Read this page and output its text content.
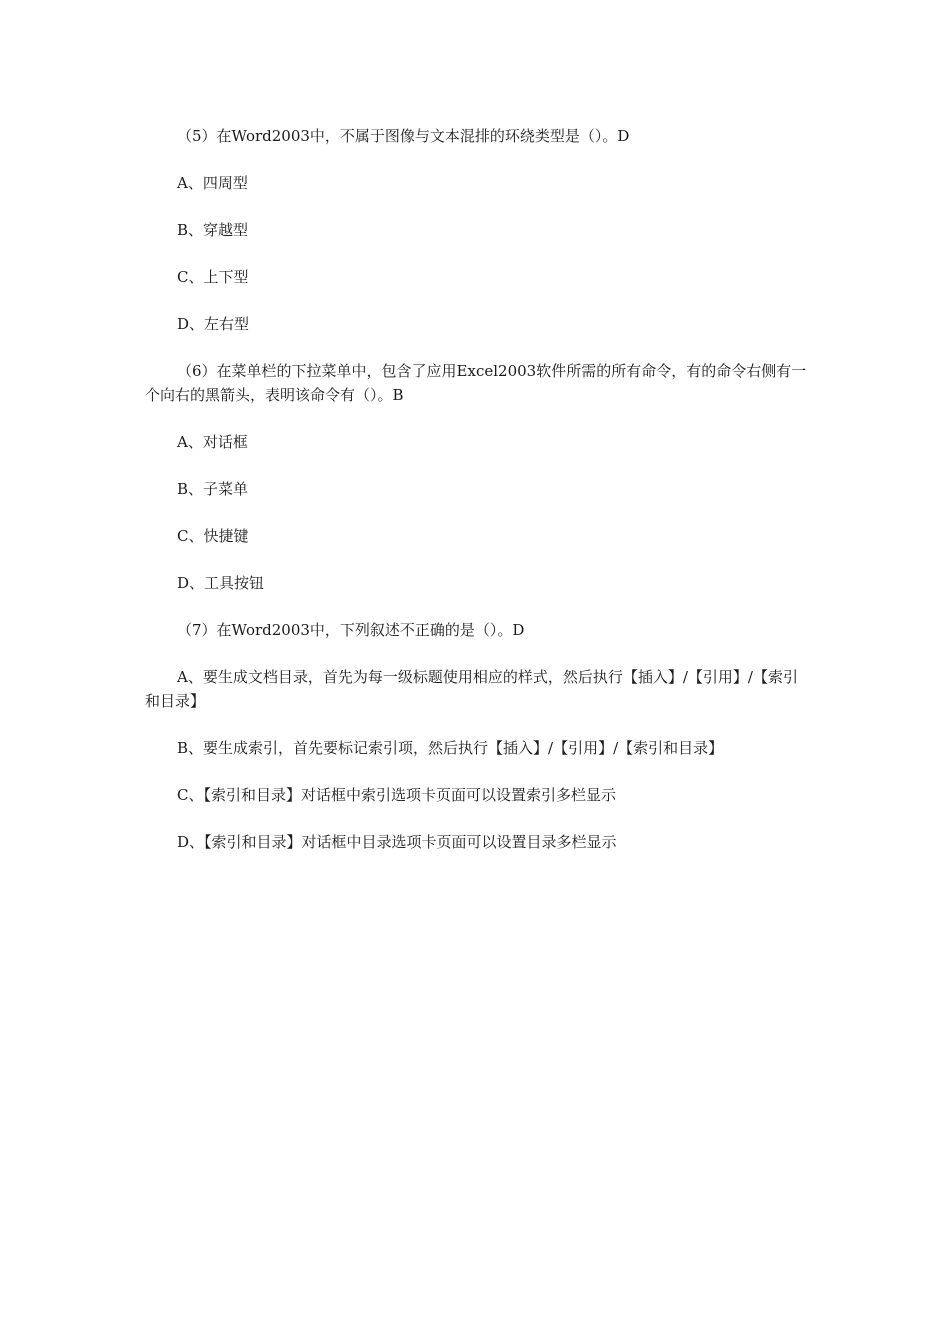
（5）在Word2003中，不属于图像与文本混排的环绕类型是（）。D

A、四周型

B、穿越型

C、上下型

D、左右型

（6）在菜单栏的下拉菜单中，包含了应用Excel2003软件所需的所有命令，有的命令右侧有一个向右的黑箭头，表明该命令有（）。B

A、对话框

B、子菜单

C、快捷键

D、工具按钮

（7）在Word2003中，下列叙述不正确的是（）。D

A、要生成文档目录，首先为每一级标题使用相应的样式，然后执行【插入】/【引用】/【索引和目录】

B、要生成索引，首先要标记索引项，然后执行【插入】/【引用】/【索引和目录】

C、【索引和目录】对话框中索引选项卡页面可以设置索引多栏显示

D、【索引和目录】对话框中目录选项卡页面可以设置目录多栏显示
